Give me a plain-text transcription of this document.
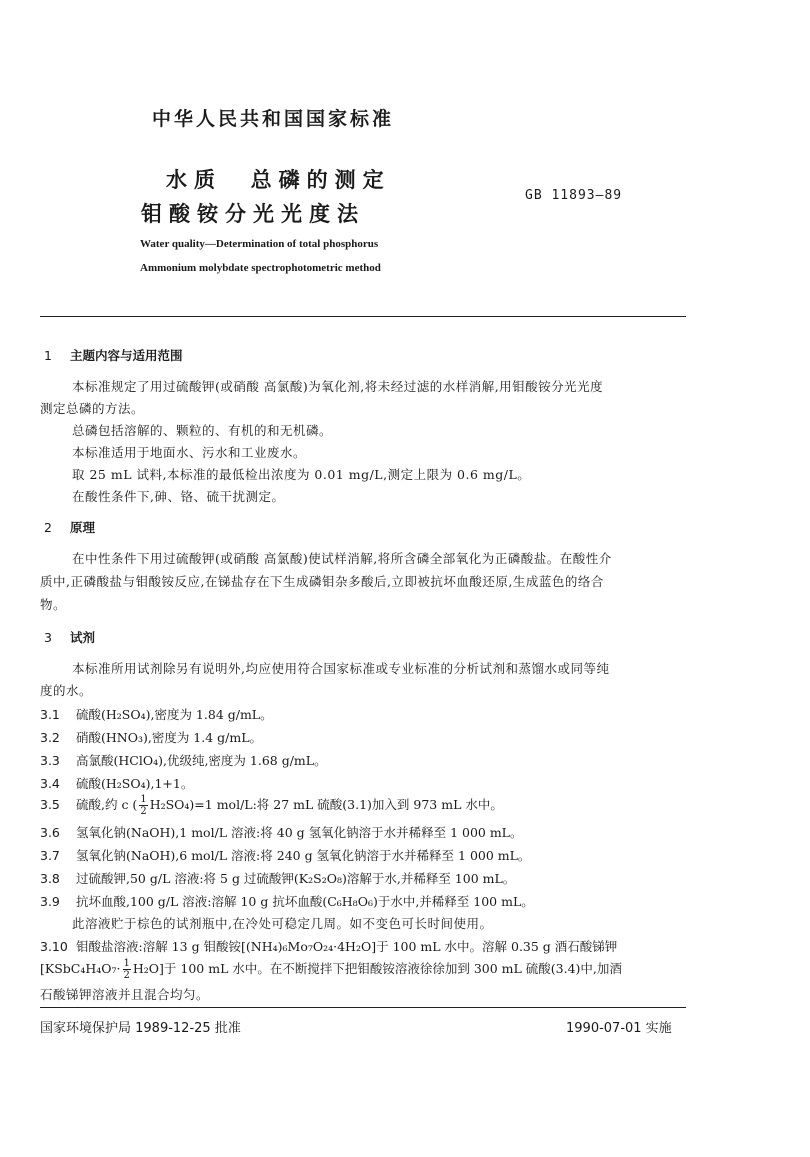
中华人民共和国国家标准
水质  总磷的测定
钼酸铵分光光度法
GB 11893—89
Water quality—Determination of total phosphorus
Ammonium molybdate spectrophotometric method
1 主题内容与适用范围
本标准规定了用过硫酸钾(或硝酸 高氯酸)为氧化剂,将未经过滤的水样消解,用钼酸铵分光光度
测定总磷的方法。
总磷包括溶解的、颗粒的、有机的和无机磷。
本标准适用于地面水、污水和工业废水。
取 25 mL 试料,本标准的最低检出浓度为 0.01 mg/L,测定上限为 0.6 mg/L。
在酸性条件下,砷、铬、硫干扰测定。
2 原理
在中性条件下用过硫酸钾(或硝酸 高氯酸)使试样消解,将所含磷全部氧化为正磷酸盐。在酸性介
质中,正磷酸盐与钼酸铵反应,在锑盐存在下生成磷钼杂多酸后,立即被抗坏血酸还原,生成蓝色的络合
物。
3 试剂
本标准所用试剂除另有说明外,均应使用符合国家标准或专业标准的分析试剂和蒸馏水或同等纯
度的水。
3.1 硫酸(H₂SO₄),密度为 1.84 g/mL。
3.2 硝酸(HNO₃),密度为 1.4 g/mL。
3.3 高氯酸(HClO₄),优级纯,密度为 1.68 g/mL。
3.4 硫酸(H₂SO₄),1+1。
3.5 硫酸,约 c ( $\frac{1}{2} H_2SO_4)=1$ mol/L:将 27 mL 硫酸(3.1)加入到 973 mL 水中。
3.6 氢氧化钠(NaOH),1 mol/L 溶液:将 40 g 氢氧化钠溶于水并稀释至 1 000 mL。
3.7 氢氧化钠(NaOH),6 mol/L 溶液:将 240 g 氢氧化钠溶于水并稀释至 1 000 mL。
3.8 过硫酸钾,50 g/L 溶液:将 5 g 过硫酸钾(K₂S₂O₈)溶解于水,并稀释至 100 mL。
3.9 抗坏血酸,100 g/L 溶液:溶解 10 g 抗坏血酸(C₆H₈O₆)于水中,并稀释至 100 mL。
此溶液贮于棕色的试剂瓶中,在冷处可稳定几周。如不变色可长时间使用。
3.10 钼酸盐溶液:溶解 13 g 钼酸铵[(NH₄)₆Mo₇O₂₄·4H₂O]于 100 mL 水中。溶解 0.35 g 酒石酸锑钾
[KSbC₄H₄O₇· $\frac{1}{2} H_2O$]于 100 mL 水中。在不断搅拌下把钼酸铵溶液徐徐加到 300 mL 硫酸(3.4)中,加酒
石酸锑钾溶液并且混合均匀。
国家环境保护局 1989-12-25 批准	1990-07-01 实施
